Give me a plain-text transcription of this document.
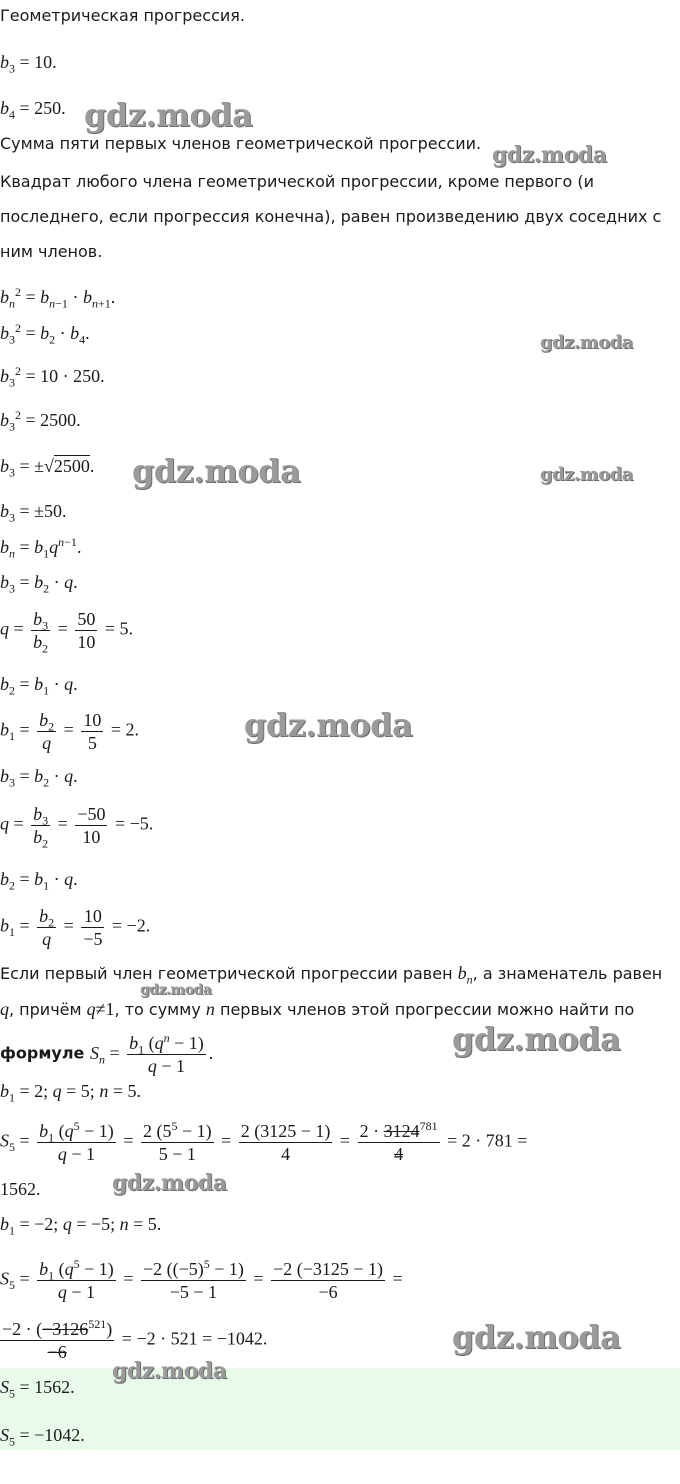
Геометрическая прогрессия.
$b_3 = 10$.
$b_4 = 250$.
Сумма пяти первых членов геометрической прогрессии.
Квадрат любого члена геометрической прогрессии, кроме первого (и
последнего, если прогрессия конечна), равен произведению двух соседних с
ним членов.
$b_n^2 = b_{n-1} \cdot b_{n+1}$.
$b_3^2 = b_2 \cdot b_4$.
$b_3^2 = 10 \cdot 250$.
$b_3^2 = 2500$.
$b_3 = \pm√2500$.
$b_3 = \pm 50$.
$b_n = b_1q^{n-1}$.
$b_3 = b_2 \cdot q$.
$q = \frac{b_3}{b_2} = \frac{50}{10} = 5$.
$b_2 = b_1 \cdot q$.
$b_1 = \frac{b_2}{q} = \frac{10}{5} = 2$.
$b_3 = b_2 \cdot q$.
$q = \frac{b_3}{b_2} = \frac{-50}{10} = -5$.
$b_2 = b_1 \cdot q$.
$b_1 = \frac{b_2}{q} = \frac{10}{-5} = -2$.
Если первый член геометрической прогрессии равен $b_n$, а знаменатель равен
q, причём q≠1, то сумму n первых членов этой прогрессии можно найти по
формуле $S_n = \frac{b_1 (q^n - 1)}{q - 1}$ .
$b_1 = 2$; q = 5; n = 5.
$S_5 = \frac{b_1 (q^5 - 1)}{q - 1} = \frac{2 (5^5 - 1)}{5 - 1} = \frac{2 (3125 - 1)}{4} = \frac{2 \cdot 3124^{781}}{4} = 2 \cdot 781$ =
1562.
$b_1 = -2$; q = −5; n = 5.
$S_5 = \frac{b_1 (q^5 - 1)}{q - 1} = \frac{-2 ((-5)^5 - 1)}{-5 - 1} = \frac{-2 (-3125 - 1)}{-6}$ =
$\frac{-2 \cdot (-3126^{521})}{-6} = -2 \cdot 521 = -1042$.
$S_5 = 1562$.
$S_5 = -1042$.
gdz.moda
gdz.moda
gdz.moda
gdz.moda	gdz.moda
gdz.moda
gdz.moda
gdz.moda
gdz.moda
gdz.moda
gdz.moda
